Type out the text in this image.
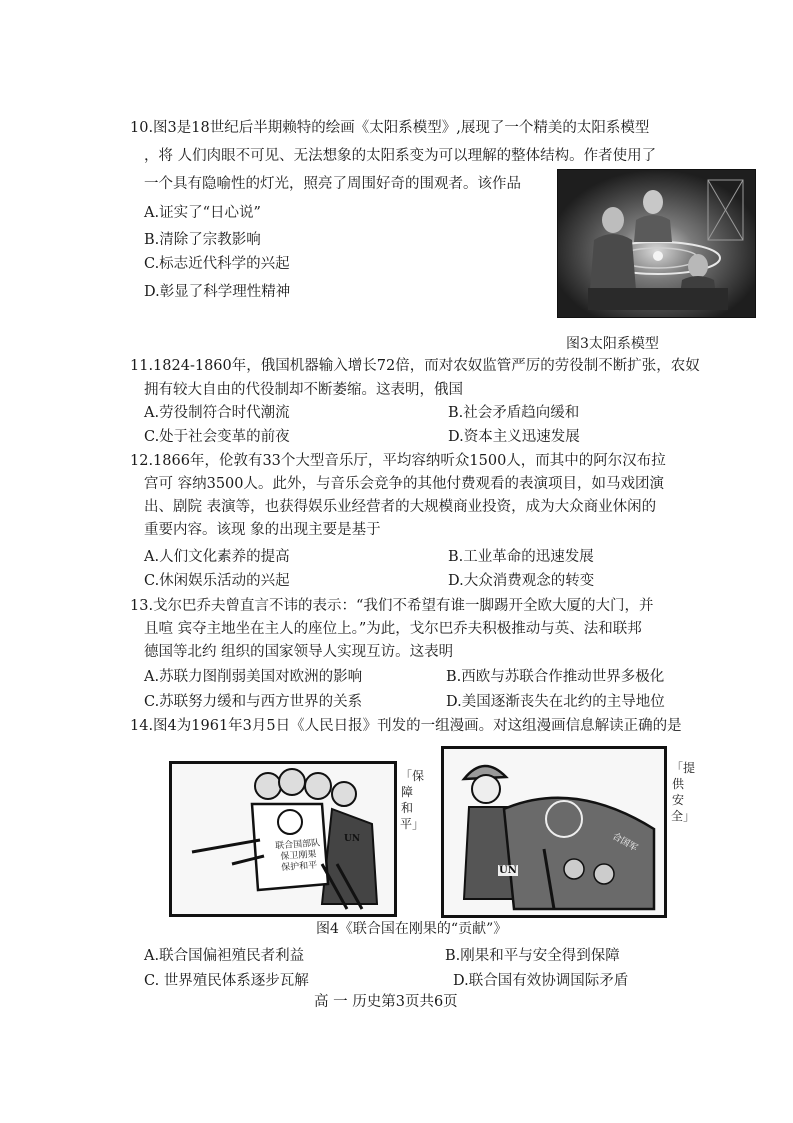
10.图3是18世纪后半期赖特的绘画《太阳系模型》,展现了一个精美的太阳系模型
，将 人们肉眼不可见、无法想象的太阳系变为可以理解的整体结构。作者使用了
一个具有隐喻性的灯光，照亮了周围好奇的围观者。该作品
A.证实了“日心说”
B.清除了宗教影响
C.标志近代科学的兴起
D.彰显了科学理性精神
图3太阳系模型
11.1824-1860年，俄国机器输入增长72倍，而对农奴监管严厉的劳役制不断扩张，农奴
拥有较大自由的代役制却不断萎缩。这表明，俄国
A.劳役制符合时代潮流	B.社会矛盾趋向缓和
C.处于社会变革的前夜	D.资本主义迅速发展
12.1866年，伦敦有33个大型音乐厅，平均容纳听众1500人，而其中的阿尔汉布拉
宫可 容纳3500人。此外，与音乐会竞争的其他付费观看的表演项目，如马戏团演
出、剧院 表演等，也获得娱乐业经营者的大规模商业投资，成为大众商业休闲的
重要内容。该现 象的出现主要是基于
A.人们文化素养的提高	B.工业革命的迅速发展
C.休闲娱乐活动的兴起	D.大众消费观念的转变
13.戈尔巴乔夫曾直言不讳的表示：“我们不希望有谁一脚踢开全欧大厦的大门，并
且喧 宾夺主地坐在主人的座位上。”为此，戈尔巴乔夫积极推动与英、法和联邦
德国等北约 组织的国家领导人实现互访。这表明
A.苏联力图削弱美国对欧洲的影响	B.西欧与苏联合作推动世界多极化
C.苏联努力缓和与西方世界的关系	D.美国逐渐丧失在北约的主导地位
14.图4为1961年3月5日《人民日报》刊发的一组漫画。对这组漫画信息解读正确的是
联合国部队
保卫刚果
保护和平
UN
「保障和平」
UN
合国军
「提供安全」
图4《联合国在刚果的“贡献”》
A.联合国偏袒殖民者利益	B.刚果和平与安全得到保障
C. 世界殖民体系逐步瓦解	D.联合国有效协调国际矛盾
高 一 历史第3页共6页
